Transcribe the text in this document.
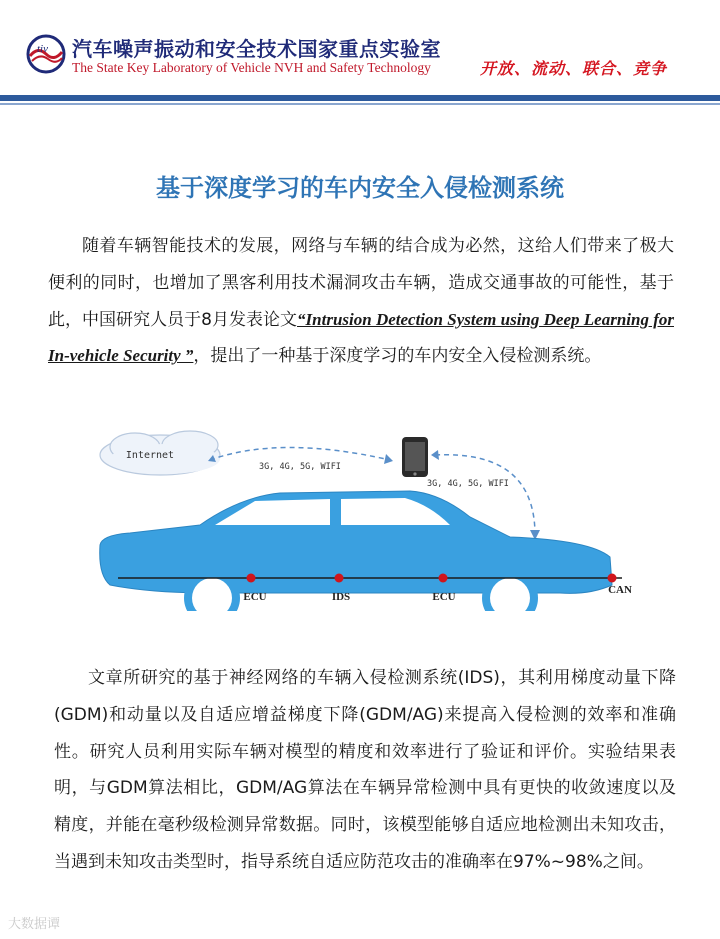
tiv 汽车噪声振动和安全技术国家重点实验室
The State Key Laboratory of Vehicle NVH and Safety Technology	开放、流动、联合、竞争
基于深度学习的车内安全入侵检测系统
随着车辆智能技术的发展，网络与车辆的结合成为必然，这给人们带来了极大便利的同时，也增加了黑客利用技术漏洞攻击车辆，造成交通事故的可能性，基于此，中国研究人员于8月发表论文“Intrusion Detection System using Deep Learning for In-vehicle Security ”，提出了一种基于深度学习的车内安全入侵检测系统。
Internet
3G, 4G, 5G, WIFI
3G, 4G, 5G, WIFI
ECU	IDS	ECU
CAN
文章所研究的基于神经网络的车辆入侵检测系统(IDS)，其利用梯度动量下降(GDM)和动量以及自适应增益梯度下降(GDM/AG)来提高入侵检测的效率和准确性。研究人员利用实际车辆对模型的精度和效率进行了验证和评价。实验结果表明，与GDM算法相比，GDM/AG算法在车辆异常检测中具有更快的收敛速度以及精度，并能在毫秒级检测异常数据。同时，该模型能够自适应地检测出未知攻击，当遇到未知攻击类型时，指导系统自适应防范攻击的准确率在97%~98%之间。
大数据谭
